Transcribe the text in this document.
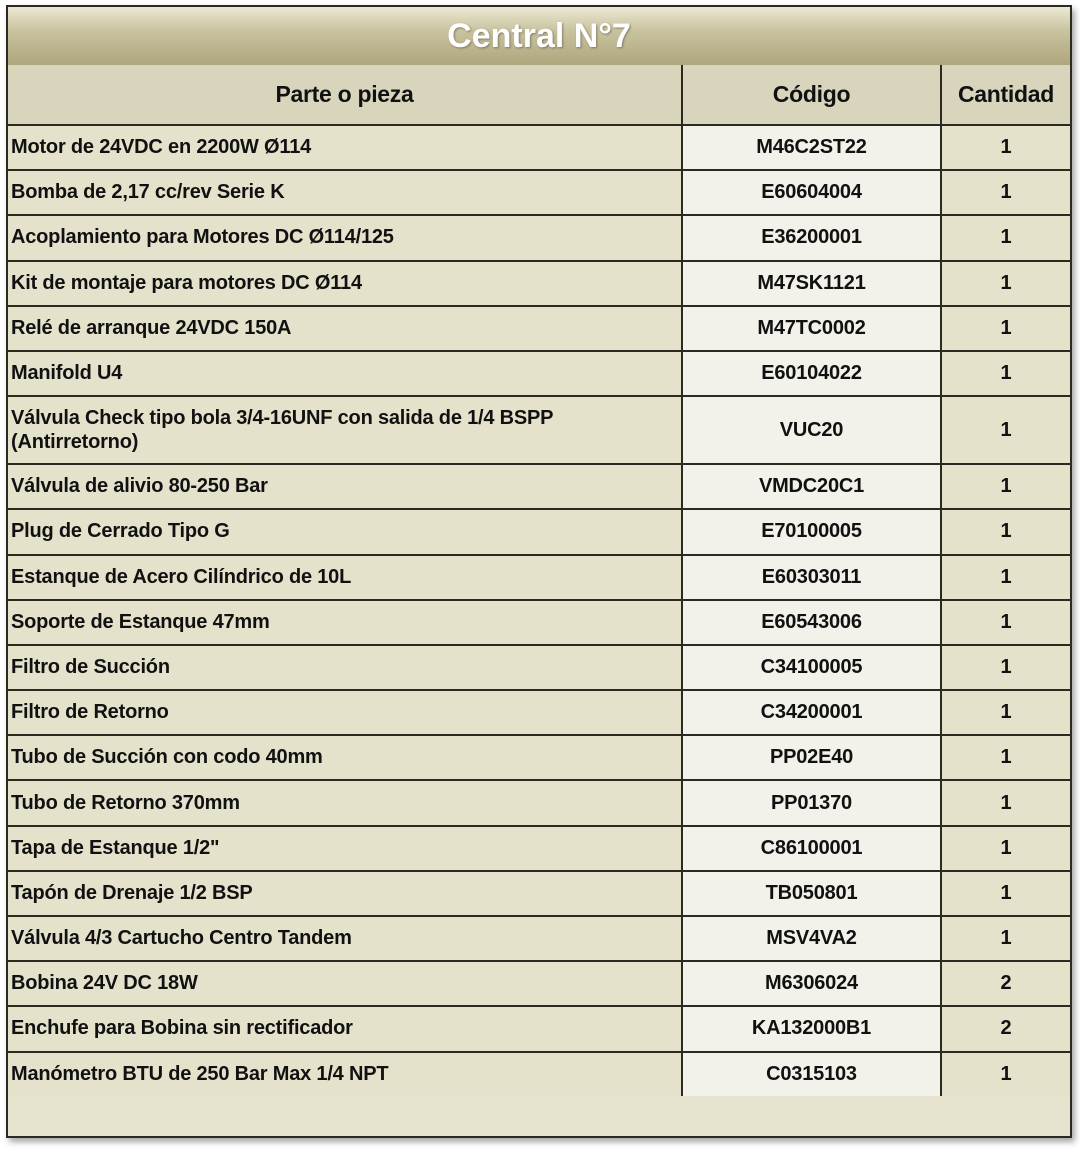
Central N°7
Parte o pieza	Código	Cantidad
Motor de 24VDC en 2200W Ø114	M46C2ST22	1
Bomba de 2,17 cc/rev Serie K	E60604004	1
Acoplamiento para Motores DC Ø114/125	E36200001	1
Kit de montaje para motores DC Ø114	M47SK1121	1
Relé de arranque 24VDC 150A	M47TC0002	1
Manifold U4	E60104022	1
Válvula Check tipo bola 3/4-16UNF con salida de 1/4 BSPP (Antirretorno)	VUC20	1
Válvula de alivio 80-250 Bar	VMDC20C1	1
Plug de Cerrado Tipo G	E70100005	1
Estanque de Acero Cilíndrico de 10L	E60303011	1
Soporte de Estanque 47mm	E60543006	1
Filtro de Succión	C34100005	1
Filtro de Retorno	C34200001	1
Tubo de Succión con codo 40mm	PP02E40	1
Tubo de Retorno 370mm	PP01370	1
Tapa de Estanque 1/2"	C86100001	1
Tapón de Drenaje 1/2 BSP	TB050801	1
Válvula 4/3 Cartucho Centro Tandem	MSV4VA2	1
Bobina 24V DC 18W	M6306024	2
Enchufe para Bobina sin rectificador	KA132000B1	2
Manómetro BTU de 250 Bar Max 1/4 NPT	C0315103	1
